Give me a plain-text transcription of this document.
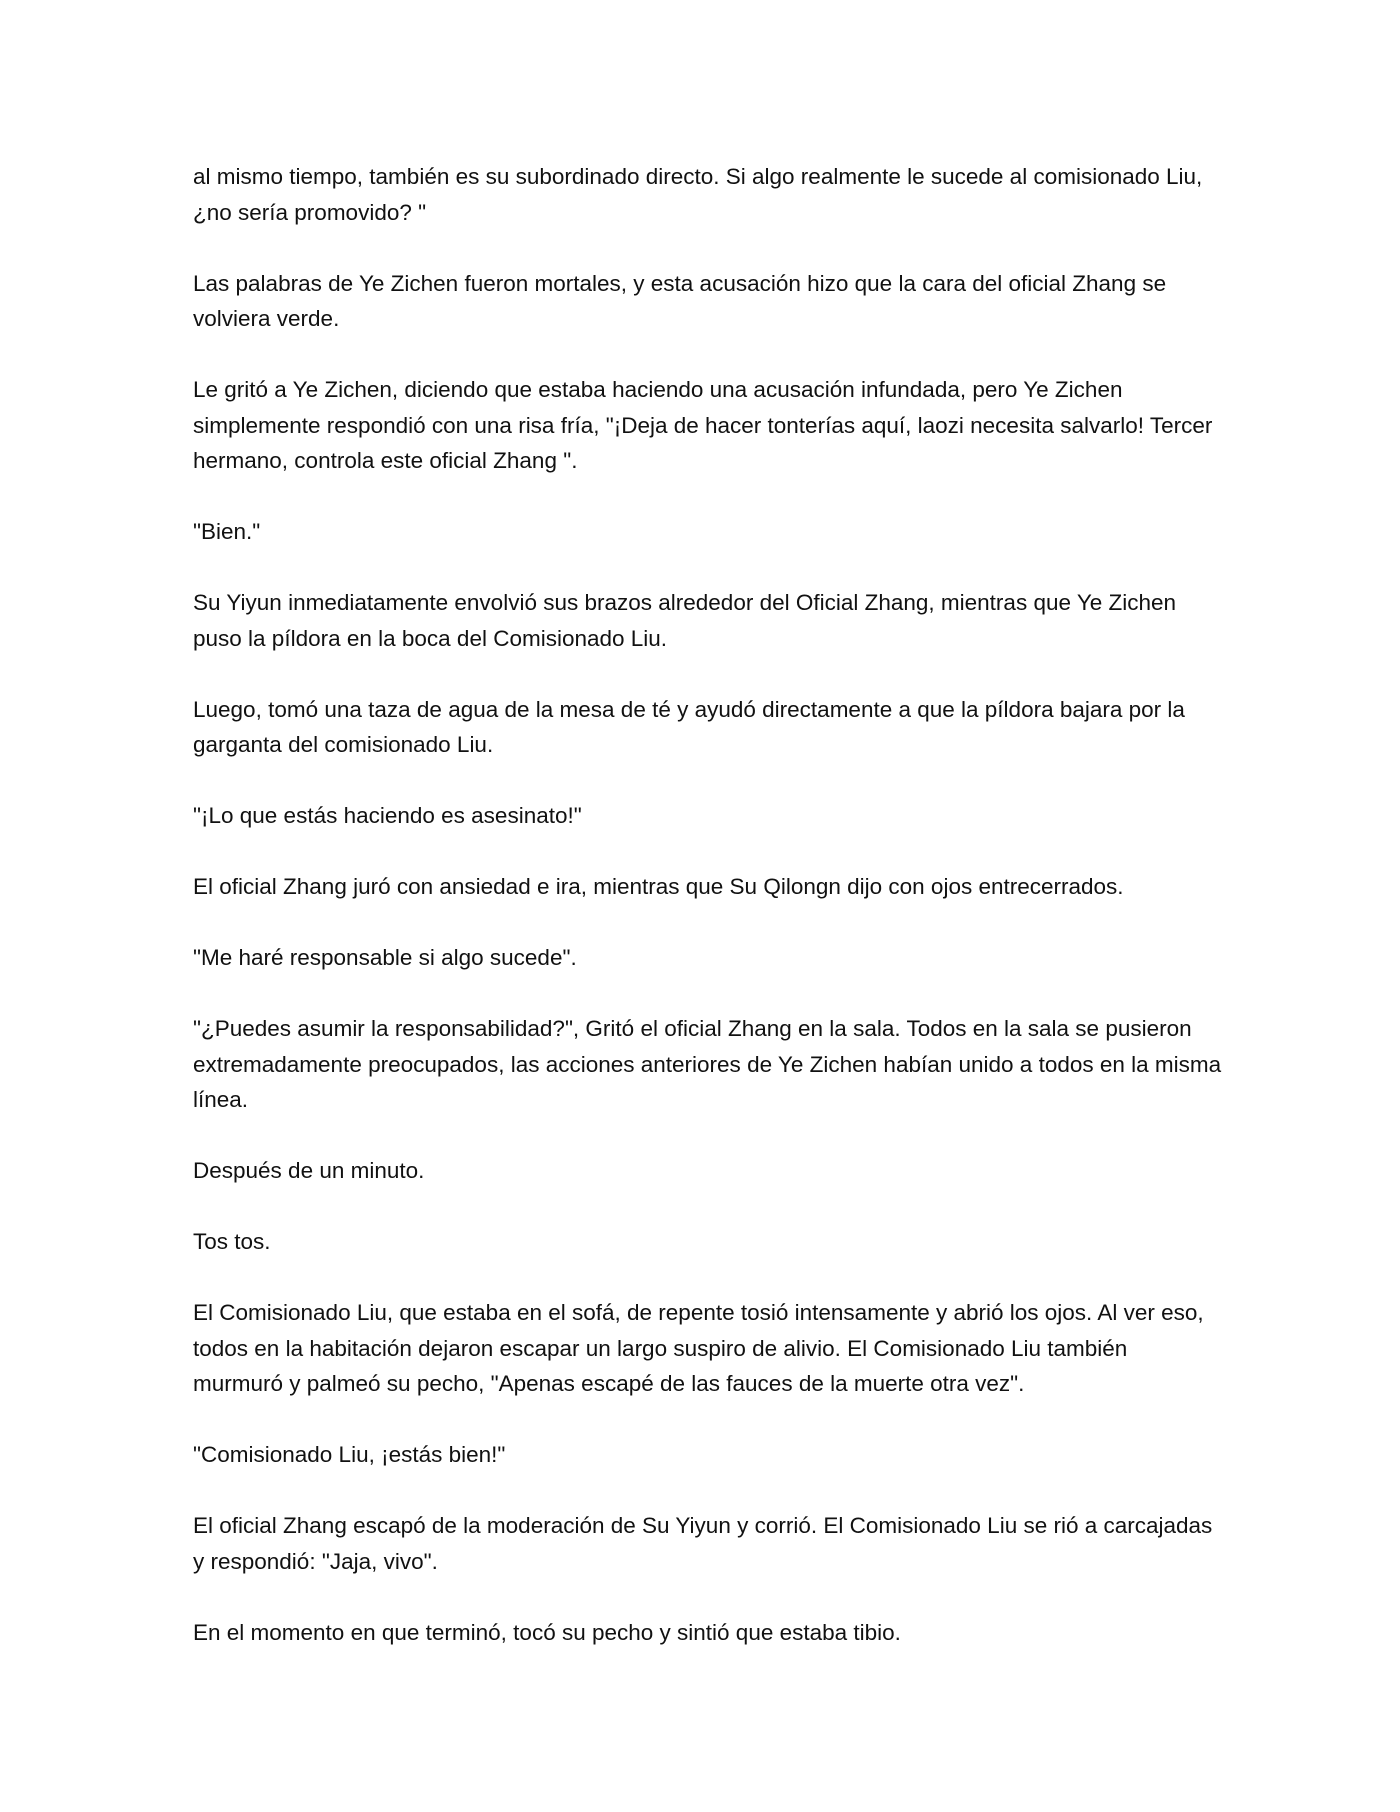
al mismo tiempo, también es su subordinado directo. Si algo realmente le sucede al comisionado Liu, ¿no sería promovido? "

Las palabras de Ye Zichen fueron mortales, y esta acusación hizo que la cara del oficial Zhang se volviera verde.

Le gritó a Ye Zichen, diciendo que estaba haciendo una acusación infundada, pero Ye Zichen simplemente respondió con una risa fría, "¡Deja de hacer tonterías aquí, laozi necesita salvarlo! Tercer hermano, controla este oficial Zhang ".

"Bien."

Su Yiyun inmediatamente envolvió sus brazos alrededor del Oficial Zhang, mientras que Ye Zichen puso la píldora en la boca del Comisionado Liu.

Luego, tomó una taza de agua de la mesa de té y ayudó directamente a que la píldora bajara por la garganta del comisionado Liu.

"¡Lo que estás haciendo es asesinato!"

El oficial Zhang juró con ansiedad e ira, mientras que Su Qilongn dijo con ojos entrecerrados.

"Me haré responsable si algo sucede".

"¿Puedes asumir la responsabilidad?", Gritó el oficial Zhang en la sala. Todos en la sala se pusieron extremadamente preocupados, las acciones anteriores de Ye Zichen habían unido a todos en la misma línea.

Después de un minuto.

Tos tos.

El Comisionado Liu, que estaba en el sofá, de repente tosió intensamente y abrió los ojos. Al ver eso, todos en la habitación dejaron escapar un largo suspiro de alivio. El Comisionado Liu también murmuró y palmeó su pecho, "Apenas escapé de las fauces de la muerte otra vez".

"Comisionado Liu, ¡estás bien!"

El oficial Zhang escapó de la moderación de Su Yiyun y corrió. El Comisionado Liu se rió a carcajadas y respondió: "Jaja, vivo".

En el momento en que terminó, tocó su pecho y sintió que estaba tibio.
